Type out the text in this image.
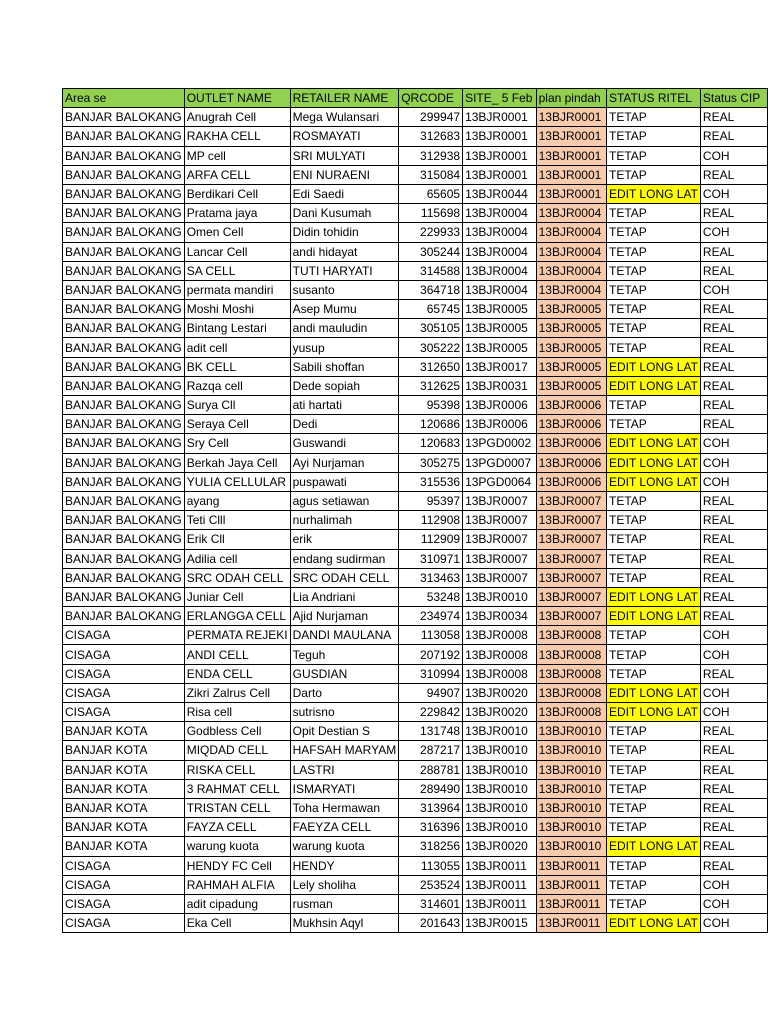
Area se	OUTLET NAME	RETAILER NAME	QRCODE	SITE_ 5 Feb	plan pindah	STATUS RITEL	Status CIP
BANJAR BALOKANG	Anugrah Cell	Mega Wulansari	299947	13BJR0001	13BJR0001	TETAP	REAL
BANJAR BALOKANG	RAKHA CELL	ROSMAYATI	312683	13BJR0001	13BJR0001	TETAP	REAL
BANJAR BALOKANG	MP cell	SRI MULYATI	312938	13BJR0001	13BJR0001	TETAP	COH
BANJAR BALOKANG	ARFA CELL	ENI NURAENI	315084	13BJR0001	13BJR0001	TETAP	REAL
BANJAR BALOKANG	Berdikari Cell	Edi Saedi	65605	13BJR0044	13BJR0001	EDIT LONG LAT	COH
BANJAR BALOKANG	Pratama jaya	Dani Kusumah	115698	13BJR0004	13BJR0004	TETAP	REAL
BANJAR BALOKANG	Omen Cell	Didin tohidin	229933	13BJR0004	13BJR0004	TETAP	COH
BANJAR BALOKANG	Lancar Cell	andi hidayat	305244	13BJR0004	13BJR0004	TETAP	REAL
BANJAR BALOKANG	SA CELL	TUTI HARYATI	314588	13BJR0004	13BJR0004	TETAP	REAL
BANJAR BALOKANG	permata mandiri	susanto	364718	13BJR0004	13BJR0004	TETAP	COH
BANJAR BALOKANG	Moshi Moshi	Asep Mumu	65745	13BJR0005	13BJR0005	TETAP	REAL
BANJAR BALOKANG	Bintang Lestari	andi mauludin	305105	13BJR0005	13BJR0005	TETAP	REAL
BANJAR BALOKANG	adit cell	yusup	305222	13BJR0005	13BJR0005	TETAP	REAL
BANJAR BALOKANG	BK CELL	Sabili shoffan	312650	13BJR0017	13BJR0005	EDIT LONG LAT	REAL
BANJAR BALOKANG	Razqa cell	Dede sopiah	312625	13BJR0031	13BJR0005	EDIT LONG LAT	REAL
BANJAR BALOKANG	Surya Cll	ati hartati	95398	13BJR0006	13BJR0006	TETAP	REAL
BANJAR BALOKANG	Seraya Cell	Dedi	120686	13BJR0006	13BJR0006	TETAP	REAL
BANJAR BALOKANG	Sry Cell	Guswandi	120683	13PGD0002	13BJR0006	EDIT LONG LAT	COH
BANJAR BALOKANG	Berkah Jaya Cell	Ayi Nurjaman	305275	13PGD0007	13BJR0006	EDIT LONG LAT	COH
BANJAR BALOKANG	YULIA CELLULAR	puspawati	315536	13PGD0064	13BJR0006	EDIT LONG LAT	COH
BANJAR BALOKANG	ayang	agus setiawan	95397	13BJR0007	13BJR0007	TETAP	REAL
BANJAR BALOKANG	Teti Clll	nurhalimah	112908	13BJR0007	13BJR0007	TETAP	REAL
BANJAR BALOKANG	Erik Cll	erik	112909	13BJR0007	13BJR0007	TETAP	REAL
BANJAR BALOKANG	Adilia cell	endang sudirman	310971	13BJR0007	13BJR0007	TETAP	REAL
BANJAR BALOKANG	SRC ODAH CELL	SRC ODAH CELL	313463	13BJR0007	13BJR0007	TETAP	REAL
BANJAR BALOKANG	Juniar Cell	Lia Andriani	53248	13BJR0010	13BJR0007	EDIT LONG LAT	REAL
BANJAR BALOKANG	ERLANGGA CELL	Ajid Nurjaman	234974	13BJR0034	13BJR0007	EDIT LONG LAT	REAL
CISAGA	PERMATA REJEKI	DANDI MAULANA	113058	13BJR0008	13BJR0008	TETAP	COH
CISAGA	ANDI CELL	Teguh	207192	13BJR0008	13BJR0008	TETAP	COH
CISAGA	ENDA CELL	GUSDIAN	310994	13BJR0008	13BJR0008	TETAP	REAL
CISAGA	Zikri Zalrus Cell	Darto	94907	13BJR0020	13BJR0008	EDIT LONG LAT	COH
CISAGA	Risa cell	sutrisno	229842	13BJR0020	13BJR0008	EDIT LONG LAT	COH
BANJAR KOTA	Godbless Cell	Opit Destian S	131748	13BJR0010	13BJR0010	TETAP	REAL
BANJAR KOTA	MIQDAD CELL	HAFSAH MARYAM	287217	13BJR0010	13BJR0010	TETAP	REAL
BANJAR KOTA	RISKA CELL	LASTRI	288781	13BJR0010	13BJR0010	TETAP	REAL
BANJAR KOTA	3 RAHMAT CELL	ISMARYATI	289490	13BJR0010	13BJR0010	TETAP	REAL
BANJAR KOTA	TRISTAN CELL	Toha Hermawan	313964	13BJR0010	13BJR0010	TETAP	REAL
BANJAR KOTA	FAYZA CELL	FAEYZA CELL	316396	13BJR0010	13BJR0010	TETAP	REAL
BANJAR KOTA	warung kuota	warung kuota	318256	13BJR0020	13BJR0010	EDIT LONG LAT	REAL
CISAGA	HENDY FC Cell	HENDY	113055	13BJR0011	13BJR0011	TETAP	REAL
CISAGA	RAHMAH ALFIA	Lely sholiha	253524	13BJR0011	13BJR0011	TETAP	COH
CISAGA	adit cipadung	rusman	314601	13BJR0011	13BJR0011	TETAP	COH
CISAGA	Eka Cell	Mukhsin Aqyl	201643	13BJR0015	13BJR0011	EDIT LONG LAT	COH
